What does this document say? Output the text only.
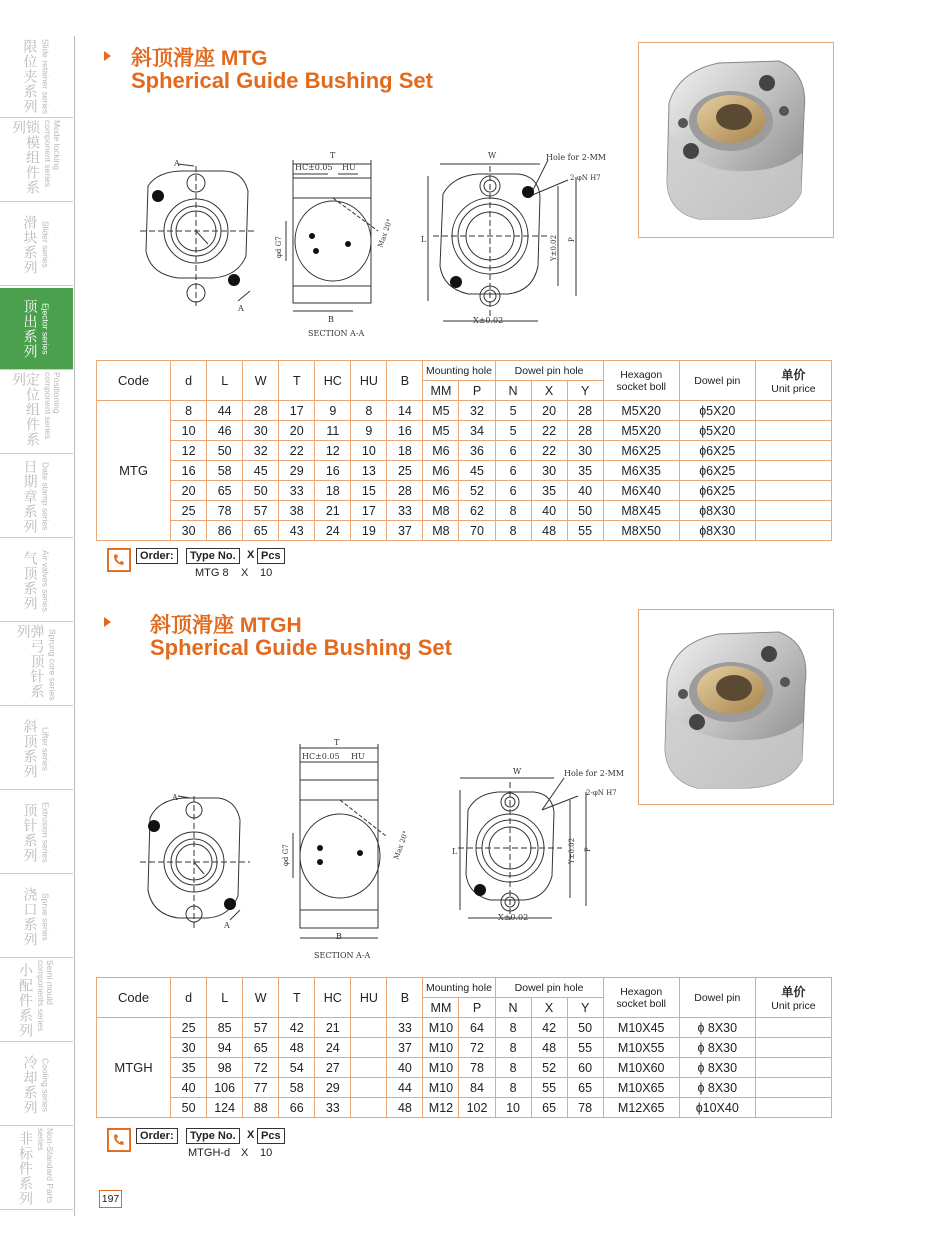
限位夹系列 Slide retainer series
锁模组件系列	Mode locking component series
滑块系列 Slider series
顶出系列 Ejector series
定位组件系列	Positioning component series
日期章系列 Date stamp series
气顶系列 Air valves series
弹弓顶针系列	Sprung core series
斜顶系列 Lifter series
顶针系列 Extrusion series
浇口系列 Sprue series
小配件系列	Semi mould components series
冷却系列 Cooling series
非标件系列	Non-Standard Parts series
斜顶滑座 MTG
Spherical Guide Bushing Set
A
A
T
HC±0.05 HU
B
SECTION A-A
φd G7	Max 20°
W
L
Hole for 2-MM
2-φN H7
Y±0.02 P
X±0.02
Code	d	L	W	T	HC	HU	B	Mounting hole		Dowel pin hole			Hexagon socket boll	Dowel pin	单价
Unit price

								MM	P	N	X	Y			
MTG	8	44	28	17	9	8	14	M5	32	5	20	28	M5X20	ɸ5X20	
	10	46	30	20	11	9	16	M5	34	5	22	28	M5X20	ɸ5X20	
	12	50	32	22	12	10	18	M6	36	6	22	30	M6X25	ɸ6X25	
	16	58	45	29	16	13	25	M6	45	6	30	35	M6X35	ɸ6X25	
	20	65	50	33	18	15	28	M6	52	6	35	40	M6X40	ɸ6X25	
	25	78	57	38	21	17	33	M8	62	8	40	50	M8X45	ɸ8X30	
	30	86	65	43	24	19	37	M8	70	8	48	55	M8X50	ɸ8X30	
Order:	Type No.	X Pcs
MTG 8 X 10
斜顶滑座 MTGH
Spherical Guide Bushing Set
A
A
T
HC±0.05 HU
B
SECTION A-A
φd G7	Max 20°
W
L
Hole for 2-MM
2-φN H7
Y±0.02 P
X±0.02
Code	d	L	W	T	HC	HU	B	Mounting hole		Dowel pin hole			Hexagon socket boll	Dowel pin	单价
Unit price

								MM	P	N	X	Y			
MTGH	25	85	57	42	21		33	M10	64	8	42	50	M10X45	ɸ 8X30	
	30	94	65	48	24		37	M10	72	8	48	55	M10X55	ɸ 8X30	
	35	98	72	54	27		40	M10	78	8	52	60	M10X60	ɸ 8X30	
	40	106	77	58	29		44	M10	84	8	55	65	M10X65	ɸ 8X30	
	50	124	88	66	33		48	M12	102	10	65	78	M12X65	ɸ10X40	
Order:	Type No.	X Pcs
MTGH-d X 10
197
